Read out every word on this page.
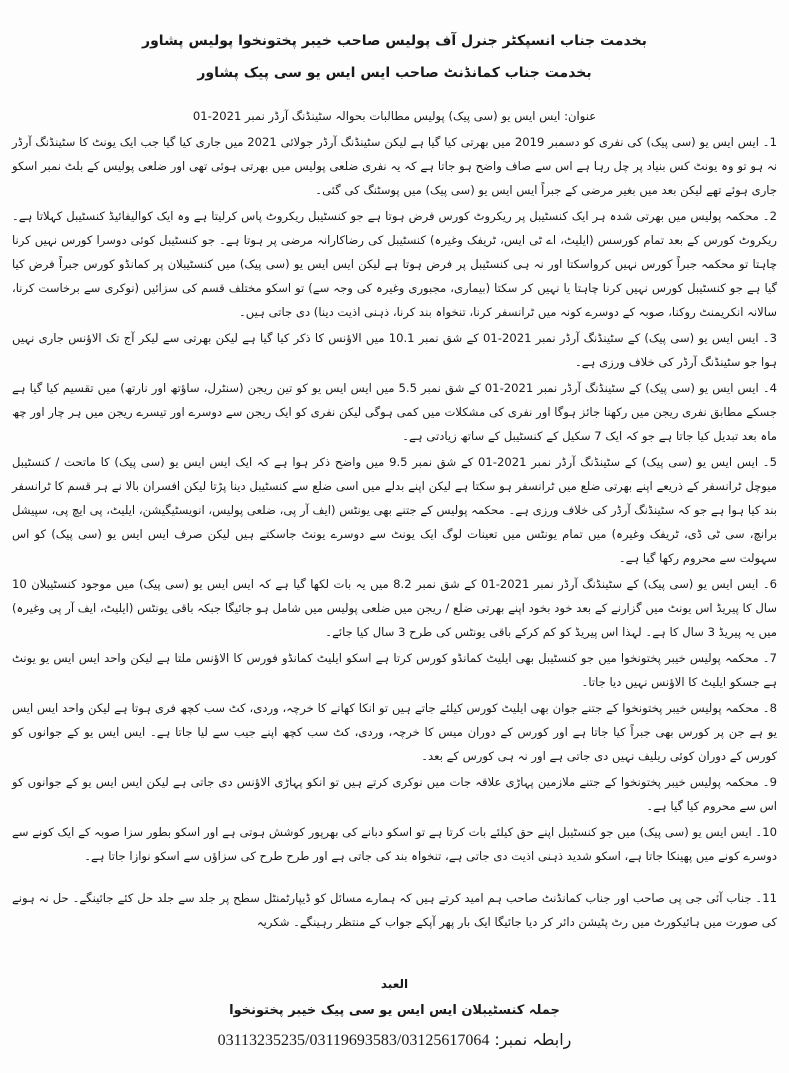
بخدمت جناب انسپکٹر جنرل آف پولیس صاحب خیبر پختونخوا پولیس پشاور
بخدمت جناب کمانڈنٹ صاحب ایس ایس یو سی پیک پشاور
عنوان: ایس ایس یو (سی پیک) پولیس مطالبات بحوالہ سٹینڈنگ آرڈر نمبر 2021-01

1۔ ایس ایس یو (سی پیک) کی نفری کو دسمبر 2019 میں بھرتی کیا گیا ہے لیکن سٹینڈنگ آرڈر جولائی 2021 میں جاری کیا گیا جب ایک یونٹ کا سٹینڈنگ آرڈر نہ ہو تو وہ یونٹ کس بنیاد پر چل رہا ہے اس سے صاف واضح ہو جاتا ہے کہ یہ نفری ضلعی پولیس میں بھرتی ہوئی تھی اور ضلعی پولیس کے بلٹ نمبر اسکو جاری ہوئے تھے لیکن بعد میں بغیر مرضی کے جبراً ایس ایس یو (سی پیک) میں پوسٹنگ کی گئی۔

2۔ محکمہ پولیس میں بھرتی شدہ ہر ایک کنسٹیبل پر ریکروٹ کورس فرض ہوتا ہے جو کنسٹیبل ریکروٹ پاس کرلیتا ہے وہ ایک کوالیفائیڈ کنسٹیبل کہلاتا ہے۔ ریکروٹ کورس کے بعد تمام کورسس (ایلیٹ، اے ٹی ایس، ٹریفک وغیرہ) کنسٹیبل کی رضاکارانہ مرضی پر ہوتا ہے۔ جو کنسٹیبل کوئی دوسرا کورس نہیں کرنا چاہتا تو محکمہ جبراً کورس نہیں کرواسکتا اور نہ ہی کنسٹیبل پر فرض ہوتا ہے لیکن ایس ایس یو (سی پیک) میں کنسٹیبلان پر کمانڈو کورس جبراً فرض کیا گیا ہے جو کنسٹیبل کورس نہیں کرنا چاہتا یا نہیں کر سکتا (بیماری، مجبوری وغیرہ کی وجہ سے) تو اسکو مختلف قسم کی سزائیں (نوکری سے برخاست کرنا، سالانہ انکریمنٹ روکنا، صوبہ کے دوسرے کونہ میں ٹرانسفر کرنا، تنخواہ بند کرنا، ذہنی اذیت دینا) دی جاتی ہیں۔

3۔ ایس ایس یو (سی پیک) کے سٹینڈنگ آرڈر نمبر 2021-01 کے شق نمبر 10.1 میں الاؤنس کا ذکر کیا گیا ہے لیکن بھرتی سے لیکر آج تک الاؤنس جاری نہیں ہوا جو سٹینڈنگ آرڈر کی خلاف ورزی ہے۔

4۔ ایس ایس یو (سی پیک) کے سٹینڈنگ آرڈر نمبر 2021-01 کے شق نمبر 5.5 میں ایس ایس یو کو تین ریجن (سنٹرل، ساؤتھ اور نارتھ) میں تقسیم کیا گیا ہے جسکے مطابق نفری ریجن میں رکھنا جائز ہوگا اور نفری کی مشکلات میں کمی ہوگی لیکن نفری کو ایک ریجن سے دوسرے اور تیسرے ریجن میں ہر چار اور چھ ماہ بعد تبدیل کیا جاتا ہے جو کہ ایک 7 سکیل کے کنسٹیبل کے ساتھ زیادتی ہے۔

5۔ ایس ایس یو (سی پیک) کے سٹینڈنگ آرڈر نمبر 2021-01 کے شق نمبر 9.5 میں واضح ذکر ہوا ہے کہ ایک ایس ایس یو (سی پیک) کا ماتحت / کنسٹیبل میوچل ٹرانسفر کے ذریعے اپنے بھرتی ضلع میں ٹرانسفر ہو سکتا ہے لیکن اپنے بدلے میں اسی ضلع سے کنسٹیبل دینا پڑتا لیکن افسران بالا نے ہر قسم کا ٹرانسفر بند کیا ہوا ہے جو کہ سٹینڈنگ آرڈر کی خلاف ورزی ہے۔ محکمہ پولیس کے جتنے بھی یونٹس (ایف آر پی، ضلعی پولیس، انویسٹیگیشن، ایلیٹ، پی ایچ پی، سپیشل برانچ، سی ٹی ڈی، ٹریفک وغیرہ) میں تمام یونٹس میں تعینات لوگ ایک یونٹ سے دوسرے یونٹ جاسکتے ہیں لیکن صرف ایس ایس یو (سی پیک) کو اس سہولت سے محروم رکھا گیا ہے۔

6۔ ایس ایس یو (سی پیک) کے سٹینڈنگ آرڈر نمبر 2021-01 کے شق نمبر 8.2 میں یہ بات لکھا گیا ہے کہ ایس ایس یو (سی پیک) میں موجود کنسٹیبلان 10 سال کا پیریڈ اس یونٹ میں گزارنے کے بعد خود بخود اپنے بھرتی ضلع / ریجن میں ضلعی پولیس میں شامل ہو جائیگا جبکہ باقی یونٹس (ایلیٹ، ایف آر پی وغیرہ) میں یہ پیریڈ 3 سال کا ہے۔ لہذا اس پیریڈ کو کم کرکے باقی یونٹس کی طرح 3 سال کیا جائے۔

7۔ محکمہ پولیس خیبر پختونخوا میں جو کنسٹیبل بھی ایلیٹ کمانڈو کورس کرتا ہے اسکو ایلیٹ کمانڈو فورس کا الاؤنس ملتا ہے لیکن واحد ایس ایس یو یونٹ ہے جسکو ایلیٹ کا الاؤنس نہیں دیا جاتا۔

8۔ محکمہ پولیس خیبر پختونخوا کے جتنے جوان بھی ایلیٹ کورس کیلئے جاتے ہیں تو انکا کھانے کا خرچہ، وردی، کٹ سب کچھ فری ہوتا ہے لیکن واحد ایس ایس یو ہے جن پر کورس بھی جبراً کیا جاتا ہے اور کورس کے دوران میس کا خرچہ، وردی، کٹ سب کچھ اپنے جیب سے لیا جاتا ہے۔ ایس ایس یو کے جوانوں کو کورس کے دوران کوئی ریلیف نہیں دی جاتی ہے اور نہ ہی کورس کے بعد۔

9۔ محکمہ پولیس خیبر پختونخوا کے جتنے ملازمین پہاڑی علاقہ جات میں نوکری کرتے ہیں تو انکو پہاڑی الاؤنس دی جاتی ہے لیکن ایس ایس یو کے جوانوں کو اس سے محروم کیا گیا ہے۔

10۔ ایس ایس یو (سی پیک) میں جو کنسٹیبل اپنے حق کیلئے بات کرتا ہے تو اسکو دبانے کی بھرپور کوشش ہوتی ہے اور اسکو بطور سزا صوبہ کے ایک کونے سے دوسرے کونے میں پھینکا جاتا ہے، اسکو شدید ذہنی اذیت دی جاتی ہے، تنخواہ بند کی جاتی ہے اور طرح طرح کی سزاؤں سے اسکو نوازا جاتا ہے۔

11۔ جناب آئی جی پی صاحب اور جناب کمانڈنٹ صاحب ہم امید کرتے ہیں کہ ہمارے مسائل کو ڈیپارٹمنٹل سطح پر جلد سے جلد حل کئے جائینگے۔ حل نہ ہونے کی صورت میں ہائیکورٹ میں رٹ پٹیشن دائر کر دیا جائیگا ایک بار پھر آپکے جواب کے منتظر رہینگے۔ شکریہ

العبد
جملہ کنسٹیبلان ایس ایس یو سی پیک خیبر پختونخوا
رابطہ نمبر: 03113235235/03119693583/03125617064
